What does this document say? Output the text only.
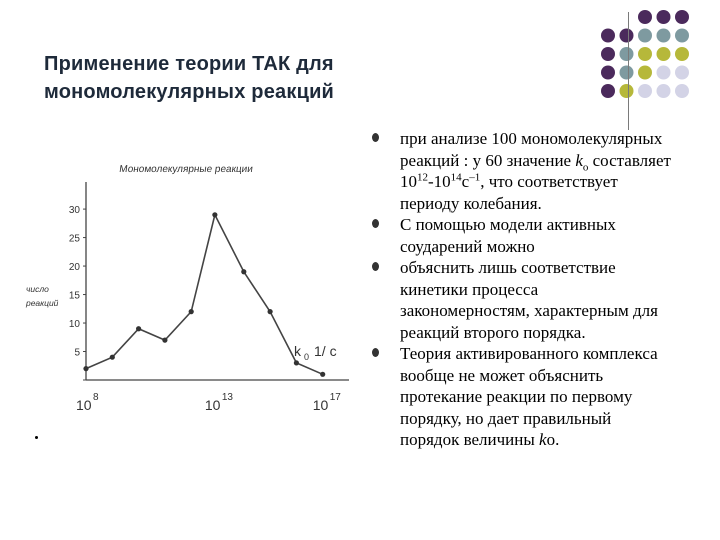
Применение теории ТАК для
мономолекулярных реакций
Мономолекулярные реакции
число
реакций
k 0 1/ с
30
25
20
15
10
5
10 8	10 13	10 17
при анализе 100 мономолекулярных реакций : у 60 значение $k_o$ составляет $10^{12}-10^{14}с^{-1}$, что соответствует периоду колебания.
С помощью модели активных соударений можно
объяснить лишь соответствие кинетики процесса закономерностям, характерным для реакций второго порядка.
Теория активированного комплекса вообще не может объяснить протекание реакции по первому порядку, но дает правильный порядок величины ko.
